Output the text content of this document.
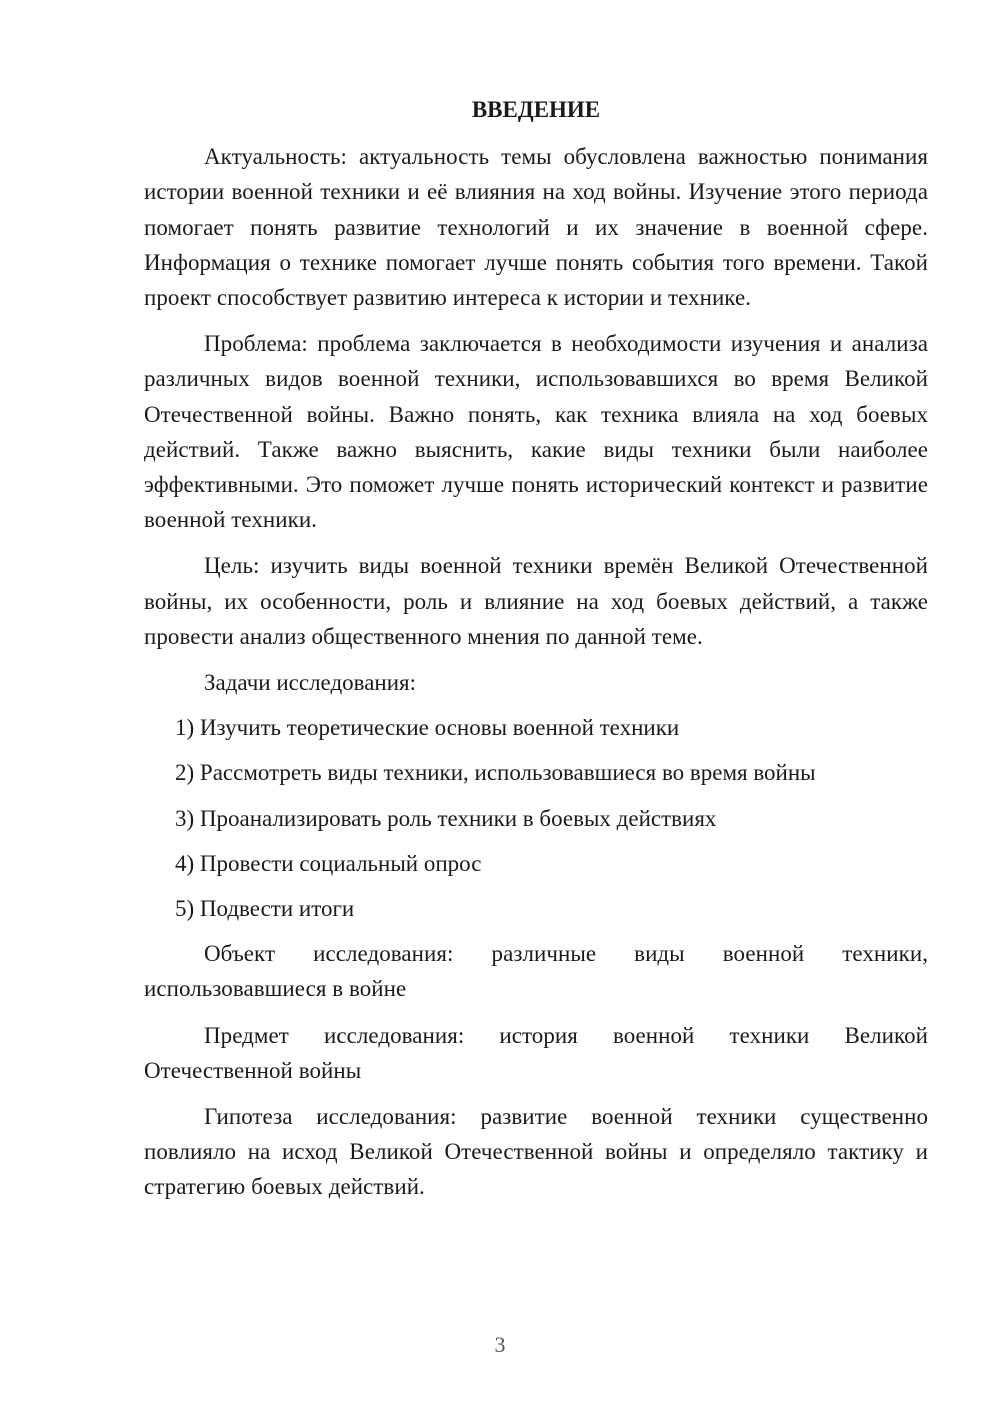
ВВЕДЕНИЕ

Актуальность: актуальность темы обусловлена важностью понимания истории военной техники и её влияния на ход войны. Изучение этого периода помогает понять развитие технологий и их значение в военной сфере. Информация о технике помогает лучше понять события того времени. Такой проект способствует развитию интереса к истории и технике.

Проблема: проблема заключается в необходимости изучения и анализа различных видов военной техники, использовавшихся во время Великой Отечественной войны. Важно понять, как техника влияла на ход боевых действий. Также важно выяснить, какие виды техники были наиболее эффективными. Это поможет лучше понять исторический контекст и развитие военной техники.

Цель: изучить виды военной техники времён Великой Отечественной войны, их особенности, роль и влияние на ход боевых действий, а также провести анализ общественного мнения по данной теме.

Задачи исследования:
1) Изучить теоретические основы военной техники
2) Рассмотреть виды техники, использовавшиеся во время войны
3) Проанализировать роль техники в боевых действиях
4) Провести социальный опрос
5) Подвести итоги

Объект исследования: различные виды военной техники, использовавшиеся в войне

Предмет исследования: история военной техники Великой Отечественной войны

Гипотеза исследования: развитие военной техники существенно повлияло на исход Великой Отечественной войны и определяло тактику и стратегию боевых действий.

3
